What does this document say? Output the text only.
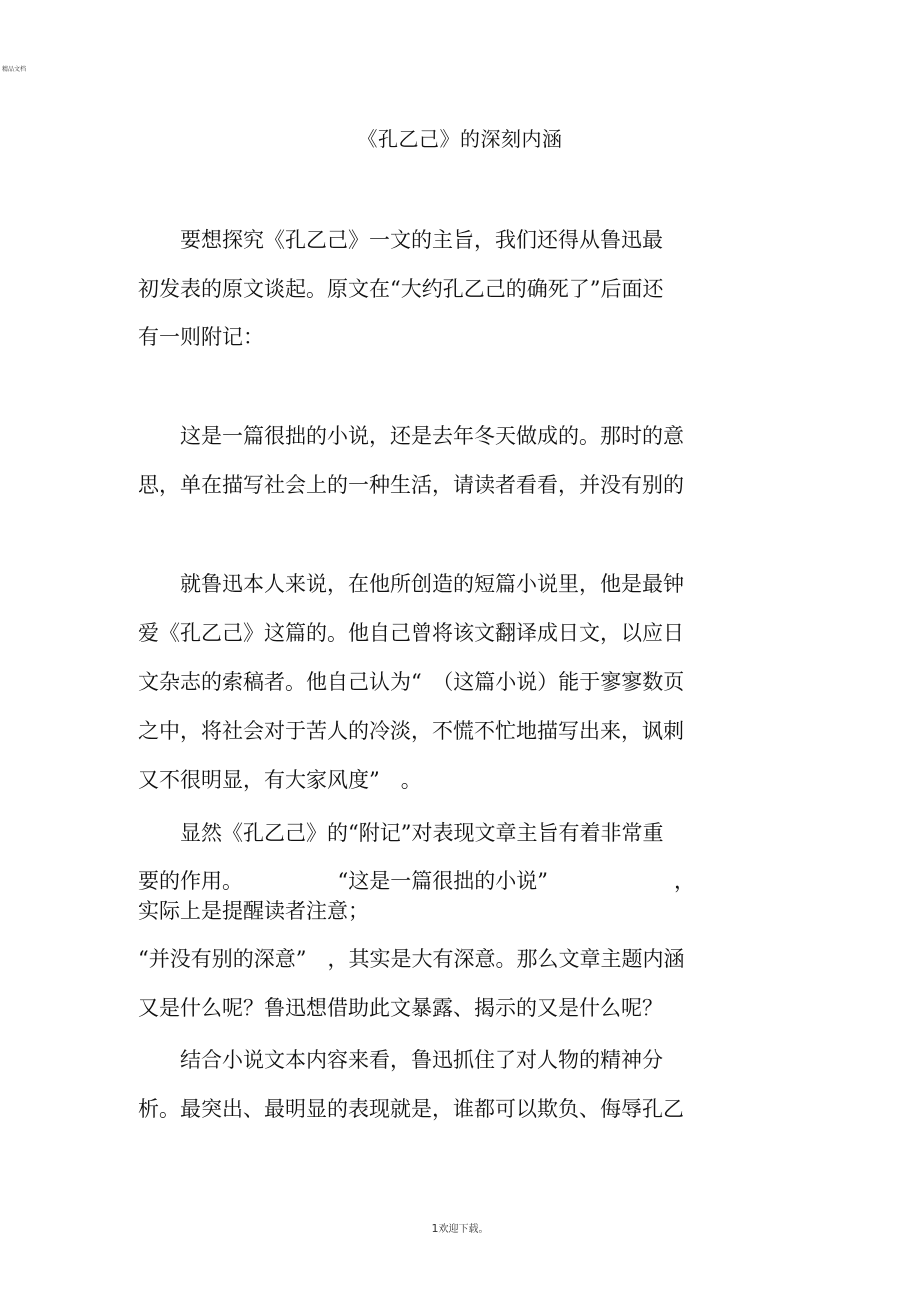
精品文档
《孔乙己》的深刻内涵
　　要想探究《孔乙己》一文的主旨，我们还得从鲁迅最
初发表的原文谈起。原文在“大约孔乙己的确死了”后面还
有一则附记：
　　这是一篇很拙的小说，还是去年冬天做成的。那时的意
思，单在描写社会上的一种生活，请读者看看，并没有别的
　　就鲁迅本人来说，在他所创造的短篇小说里，他是最钟
爱《孔乙己》这篇的。他自己曾将该文翻译成日文，以应日
文杂志的索稿者。他自己认为“　（这篇小说）能于寥寥数页
之中，将社会对于苦人的冷淡，不慌不忙地描写出来，讽刺
又不很明显，有大家风度”　。
　　显然《孔乙己》的“附记”对表现文章主旨有着非常重
要的作用。　　　　　“这是一篇很拙的小说”　　　　　　，
实际上是提醒读者注意；
“并没有别的深意”　，其实是大有深意。那么文章主题内涵
又是什么呢？鲁迅想借助此文暴露、揭示的又是什么呢？
　　结合小说文本内容来看，鲁迅抓住了对人物的精神分
析。最突出、最明显的表现就是，谁都可以欺负、侮辱孔乙
1欢迎下载。
